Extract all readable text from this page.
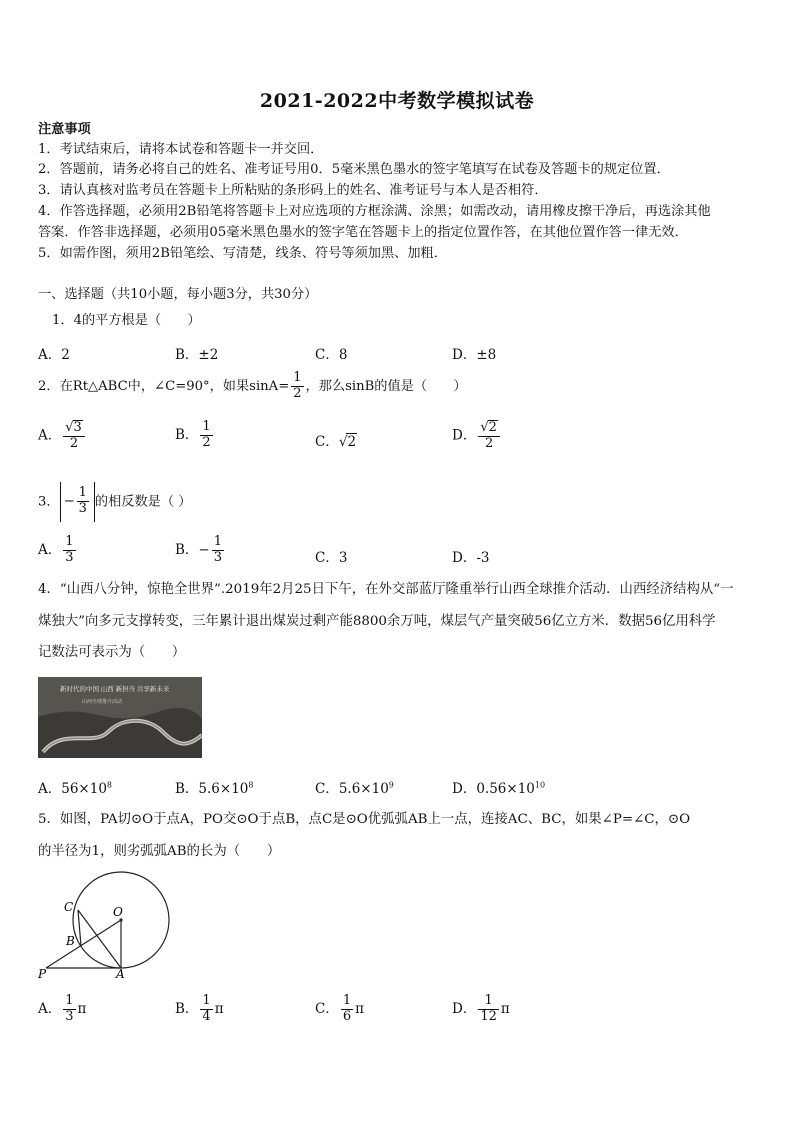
2021-2022中考数学模拟试卷
注意事项
1．考试结束后，请将本试卷和答题卡一并交回．
2．答题前，请务必将自己的姓名、准考证号用0．5毫米黑色墨水的签字笔填写在试卷及答题卡的规定位置．
3．请认真核对监考员在答题卡上所粘贴的条形码上的姓名、准考证号与本人是否相符．
4．作答选择题，必须用2B铅笔将答题卡上对应选项的方框涂满、涂黑；如需改动，请用橡皮擦干净后，再选涂其他
答案．作答非选择题，必须用05毫米黑色墨水的签字笔在答题卡上的指定位置作答，在其他位置作答一律无效．
5．如需作图，须用2B铅笔绘、写清楚，线条、符号等须加黑、加粗．
一、选择题（共10小题，每小题3分，共30分）
1．4的平方根是（　　）
A．2	B．±2	C．8	D．±8
2．在Rt△ABC中，∠C=90°，如果$\sin A= \frac{1}{2}$ ，那么sinB的值是（　　）
A． $\frac{√3}{2}$	B． $\frac{1}{2}$	C．√2	D． $\frac{√2}{2}$
3． − $\frac{1}{3}$ 的相反数是（ ）
A． $\frac{1}{3}$	B．− $\frac{1}{3}$	C．3	D．-3
4．“山西八分钟，惊艳全世界”.2019年2月25日下午，在外交部蓝厅隆重举行山西全球推介活动．山西经济结构从“一
煤独大”向多元支撑转变，三年累计退出煤炭过剩产能8800余万吨，煤层气产量突破56亿立方米．数据56亿用科学
记数法可表示为（　　）
新时代的中国 山西 新担当 共享新未来
山西全球推介活动
A．$56\times 10^8$	B．$5.6\times 10^8$	C．$5.6\times 10^9$	D．$0.56\times 10^{10}$
5．如图，PA切⊙O于点A，PO交⊙O于点B，点C是⊙O优弧弧AB上一点，连接AC、BC，如果∠P=∠C，⊙O
的半径为1，则劣弧弧AB的长为（　　）
C	O
B
P	A
A． $\frac{1}{3}$ π	B． $\frac{1}{4}$ π	C． $\frac{1}{6}$ π	D． $\frac{1}{12}$ π
